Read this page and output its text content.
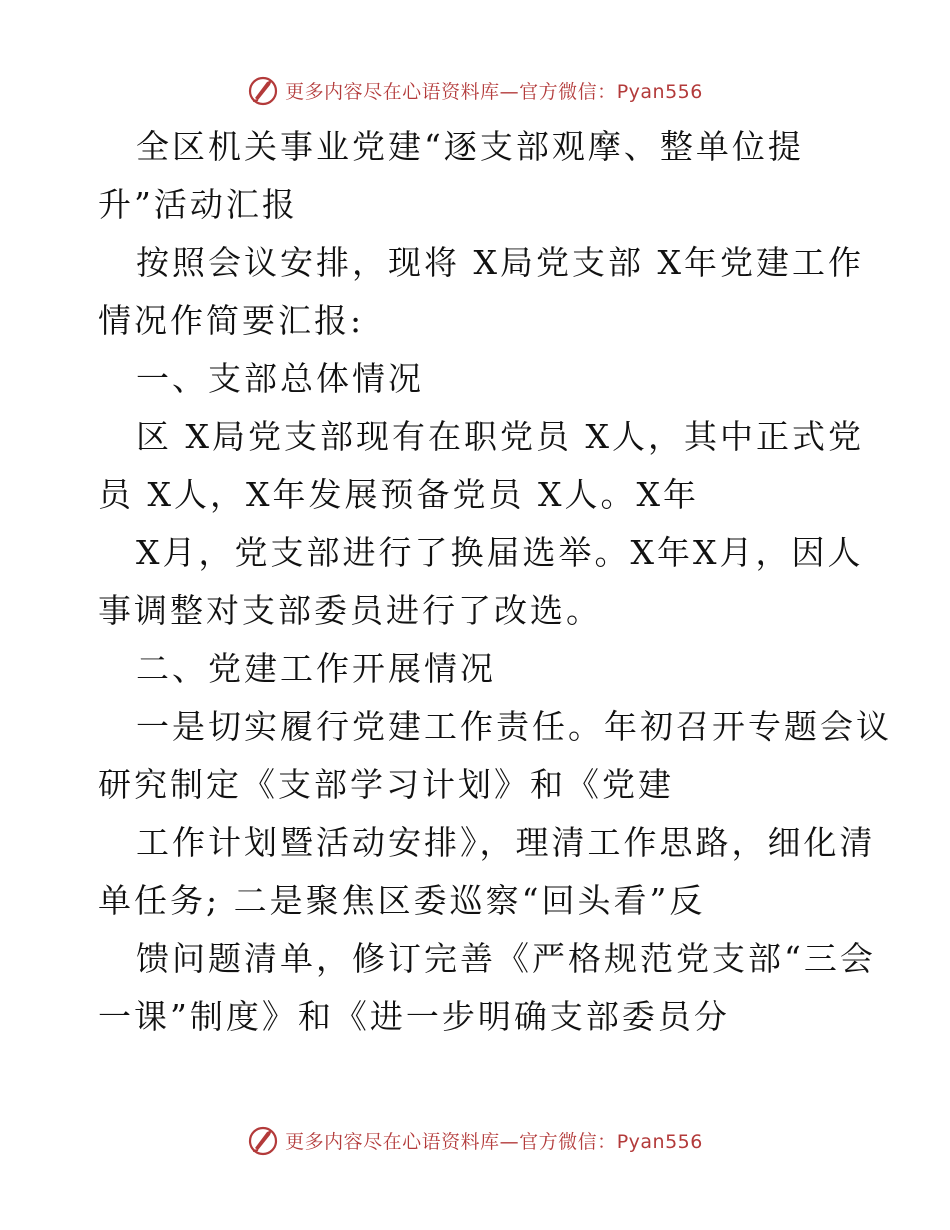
更多内容尽在心语资料库—官方微信：Pyan556
全区机关事业党建“逐支部观摩、整单位提
升”活动汇报
按照会议安排，现将 X局党支部 X年党建工作
情况作简要汇报:
一、支部总体情况
区 X局党支部现有在职党员 X人，其中正式党
员 X人，X年发展预备党员 X人。X年
X月，党支部进行了换届选举。X年X月，因人
事调整对支部委员进行了改选。
二、党建工作开展情况
一是切实履行党建工作责任。年初召开专题会议
研究制定《支部学习计划》和《党建
工作计划暨活动安排》，理清工作思路，细化清
单任务; 二是聚焦区委巡察“回头看”反
馈问题清单，修订完善《严格规范党支部“三会
一课”制度》和《进一步明确支部委员分
更多内容尽在心语资料库—官方微信：Pyan556
